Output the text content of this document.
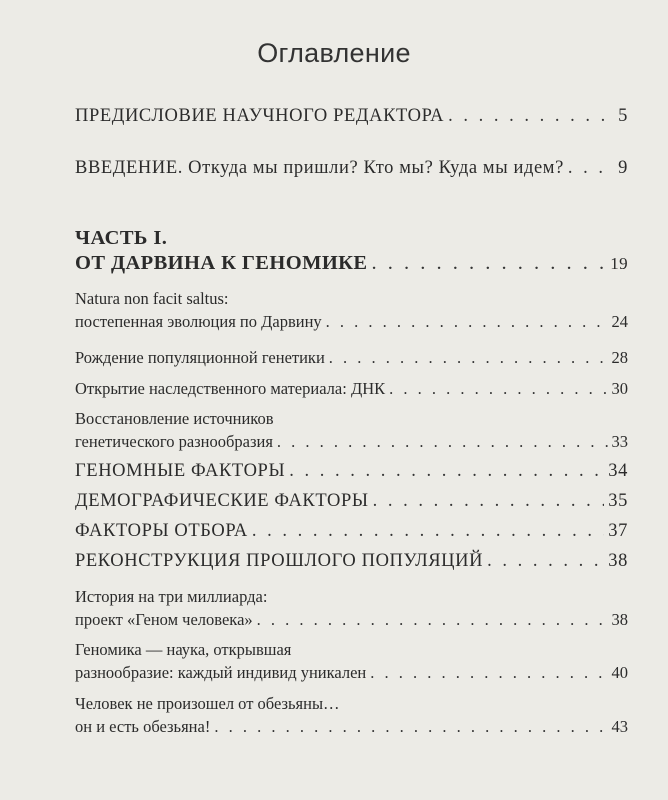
Оглавление
ПРЕДИСЛОВИЕ НАУЧНОГО РЕДАКТОРА . . .	5
ВВЕДЕНИЕ. Откуда мы пришли? Кто мы? Куда мы идем? . . .	9
ЧАСТЬ I.
ОТ ДАРВИНА К ГЕНОМИКЕ . . .	19
Natura non facit saltus:
постепенная эволюция по Дарвину . . .	24
Рождение популяционной генетики . . .	28
Открытие наследственного материала: ДНК . . .	30
Восстановление источников
генетического разнообразия . . .	33
ГЕНОМНЫЕ ФАКТОРЫ . . .	34
ДЕМОГРАФИЧЕСКИЕ ФАКТОРЫ . . .	35
ФАКТОРЫ ОТБОРА . . .	37
РЕКОНСТРУКЦИЯ ПРОШЛОГО ПОПУЛЯЦИЙ . . .	38
История на три миллиарда:
проект «Геном человека» . . .	38
Геномика — наука, открывшая
разнообразие: каждый индивид уникален . . .	40
Человек не произошел от обезьяны…
он и есть обезьяна! . . .	43
